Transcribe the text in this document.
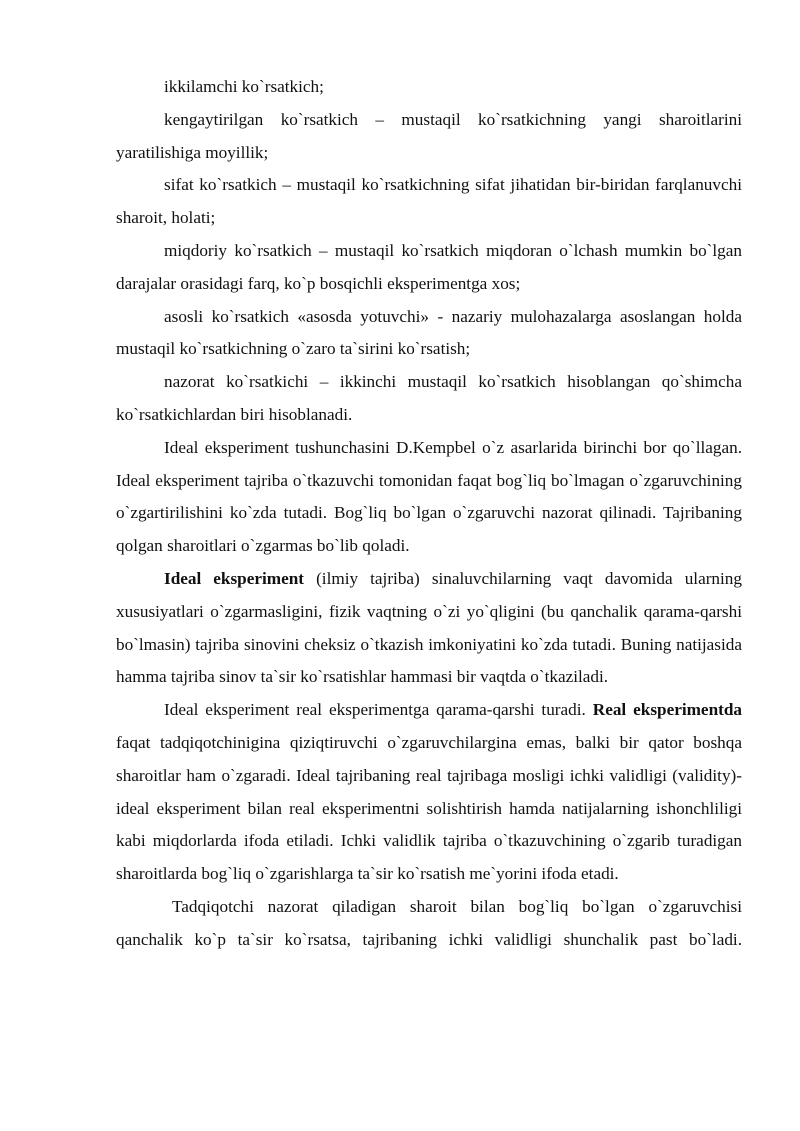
ikkilamchi ko`rsatkich;

kengaytirilgan ko`rsatkich – mustaqil ko`rsatkichning yangi sharoitlarini yaratilishiga moyillik;

sifat ko`rsatkich – mustaqil ko`rsatkichning sifat jihatidan bir-biridan farqlanuvchi sharoit, holati;

miqdoriy ko`rsatkich – mustaqil ko`rsatkich miqdoran o`lchash mumkin bo`lgan darajalar orasidagi farq, ko`p bosqichli eksperimentga xos;

asosli ko`rsatkich «asosda yotuvchi» - nazariy mulohazalarga asoslangan holda mustaqil ko`rsatkichning o`zaro ta`sirini ko`rsatish;

nazorat ko`rsatkichi – ikkinchi mustaqil ko`rsatkich hisoblangan qo`shimcha ko`rsatkichlardan biri hisoblanadi.

Ideal eksperiment tushunchasini D.Kempbel o`z asarlarida birinchi bor qo`llagan. Ideal eksperiment tajriba o`tkazuvchi tomonidan faqat bog`liq bo`lmagan o`zgaruvchining o`zgartirilishini ko`zda tutadi. Bog`liq bo`lgan o`zgaruvchi nazorat qilinadi. Tajribaning qolgan sharoitlari o`zgarmas bo`lib qoladi.

Ideal eksperiment (ilmiy tajriba) sinaluvchilarning vaqt davomida ularning xususiyatlari o`zgarmasligini, fizik vaqtning o`zi yo`qligini (bu qanchalik qarama-qarshi bo`lmasin) tajriba sinovini cheksiz o`tkazish imkoniyatini ko`zda tutadi. Buning natijasida hamma tajriba sinov ta`sir ko`rsatishlar hammasi bir vaqtda o`tkaziladi.

Ideal eksperiment real eksperimentga qarama-qarshi turadi. Real eksperimentda faqat tadqiqotchinigina qiziqtiruvchi o`zgaruvchilargina emas, balki bir qator boshqa sharoitlar ham o`zgaradi. Ideal tajribaning real tajribaga mosligi ichki validligi (validity)- ideal eksperiment bilan real eksperimentni solishtirish hamda natijalarning ishonchliligi kabi miqdorlarda ifoda etiladi. Ichki validlik tajriba o`tkazuvchining o`zgarib turadigan sharoitlarda bog`liq o`zgarishlarga ta`sir ko`rsatish me`yorini ifoda etadi.

Tadqiqotchi nazorat qiladigan sharoit bilan bog`liq bo`lgan o`zgaruvchisi qanchalik ko`p ta`sir ko`rsatsa, tajribaning ichki validligi shunchalik past bo`ladi.
